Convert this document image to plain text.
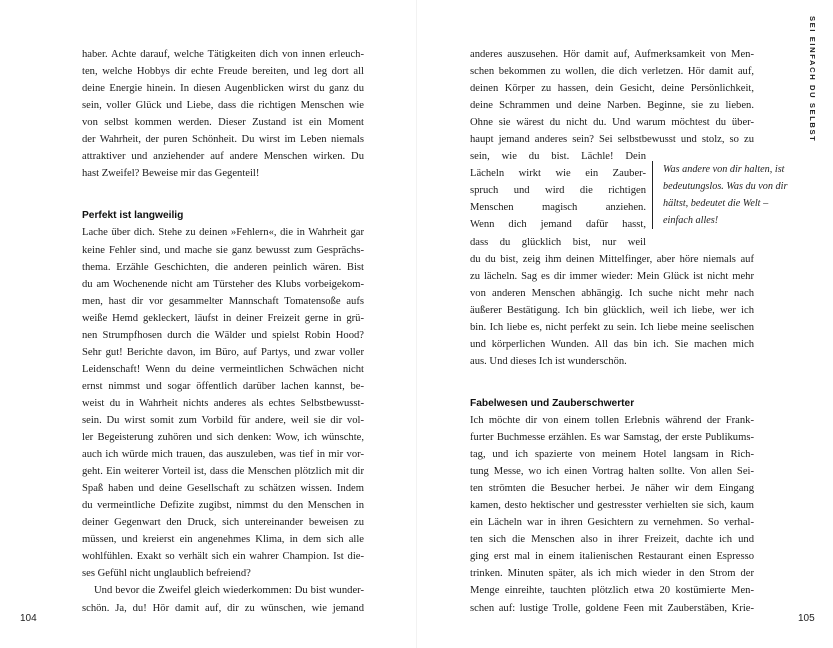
haber. Achte darauf, welche Tätigkeiten dich von innen erleuch-
ten, welche Hobbys dir echte Freude bereiten, und leg dort all
deine Energie hinein. In diesen Augenblicken wirst du ganz du
sein, voller Glück und Liebe, dass die richtigen Menschen wie
von selbst kommen werden. Dieser Zustand ist ein Moment
der Wahrheit, der puren Schönheit. Du wirst im Leben niemals
attraktiver und anziehender auf andere Menschen wirken. Du
hast Zweifel? Beweise mir das Gegenteil!
Perfekt ist langweilig
Lache über dich. Stehe zu deinen »Fehlern«, die in Wahrheit gar
keine Fehler sind, und mache sie ganz bewusst zum Gesprächs-
thema. Erzähle Geschichten, die anderen peinlich wären. Bist
du am Wochenende nicht am Türsteher des Klubs vorbeigekom-
men, hast dir vor gesammelter Mannschaft Tomatensoße aufs
weiße Hemd gekleckert, läufst in deiner Freizeit gerne in grü-
nen Strumpfhosen durch die Wälder und spielst Robin Hood?
Sehr gut! Berichte davon, im Büro, auf Partys, und zwar voller
Leidenschaft! Wenn du deine vermeintlichen Schwächen nicht
ernst nimmst und sogar öffentlich darüber lachen kannst, be-
weist du in Wahrheit nichts anderes als echtes Selbstbewusst-
sein. Du wirst somit zum Vorbild für andere, weil sie dir vol-
ler Begeisterung zuhören und sich denken: Wow, ich wünschte,
auch ich würde mich trauen, das auszuleben, was tief in mir vor-
geht. Ein weiterer Vorteil ist, dass die Menschen plötzlich mit dir
Spaß haben und deine Gesellschaft zu schätzen wissen. Indem
du vermeintliche Defizite zugibst, nimmst du den Menschen in
deiner Gegenwart den Druck, sich untereinander beweisen zu
müssen, und kreierst ein angenehmes Klima, in dem sich alle
wohlfühlen. Exakt so verhält sich ein wahrer Champion. Ist die-
ses Gefühl nicht unglaublich befreiend?
Und bevor die Zweifel gleich wiederkommen: Du bist wunder-
schön. Ja, du! Hör damit auf, dir zu wünschen, wie jemand
104
SEI EINFACH DU SELBST
anderes auszusehen. Hör damit auf, Aufmerksamkeit von Men-
schen bekommen zu wollen, die dich verletzen. Hör damit auf,
deinen Körper zu hassen, dein Gesicht, deine Persönlichkeit,
deine Schrammen und deine Narben. Beginne, sie zu lieben.
Ohne sie wärest du nicht du. Und warum möchtest du über-
haupt jemand anderes sein? Sei selbstbewusst und stolz, so zu
sein, wie du bist. Lächle! Dein
Lächeln wirkt wie ein Zauber-
spruch und wird die richtigen
Menschen magisch anziehen.
Wenn dich jemand dafür hasst,
dass du glücklich bist, nur weil
du du bist, zeig ihm deinen Mittelfinger, aber höre niemals auf
zu lächeln. Sag es dir immer wieder: Mein Glück ist nicht mehr
von anderen Menschen abhängig. Ich suche nicht mehr nach
äußerer Bestätigung. Ich bin glücklich, weil ich liebe, wer ich
bin. Ich liebe es, nicht perfekt zu sein. Ich liebe meine seelischen
und körperlichen Wunden. All das bin ich. Sie machen mich
aus. Und dieses Ich ist wunderschön.
Fabelwesen und Zauberschwerter
Ich möchte dir von einem tollen Erlebnis während der Frank-
furter Buchmesse erzählen. Es war Samstag, der erste Publikums-
tag, und ich spazierte von meinem Hotel langsam in Rich-
tung Messe, wo ich einen Vortrag halten sollte. Von allen Sei-
ten strömten die Besucher herbei. Je näher wir dem Eingang
kamen, desto hektischer und gestresster verhielten sie sich, kaum
ein Lächeln war in ihren Gesichtern zu vernehmen. So verhal-
ten sich die Menschen also in ihrer Freizeit, dachte ich und
ging erst mal in einem italienischen Restaurant einen Espresso
trinken. Minuten später, als ich mich wieder in den Strom der
Menge einreihte, tauchten plötzlich etwa 20 kostümierte Men-
schen auf: lustige Trolle, goldene Feen mit Zauberstäben, Krie-
Was andere von dir halten, ist
bedeutungslos. Was du von dir
hältst, bedeutet die Welt –
einfach alles!
105
